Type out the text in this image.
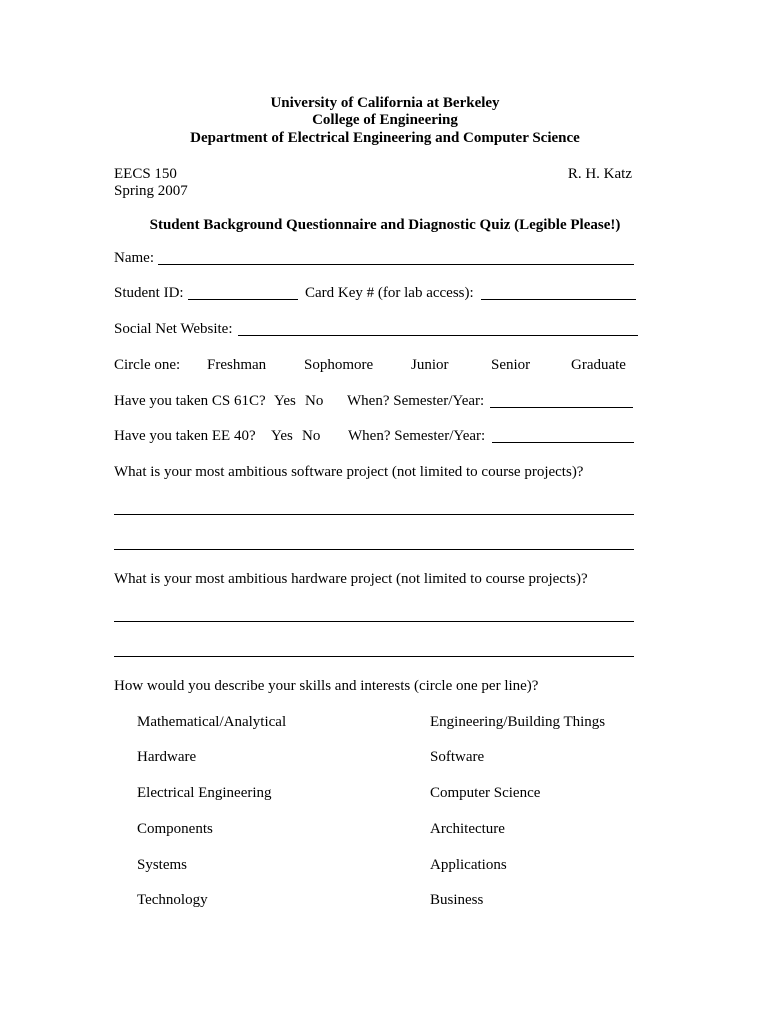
University of California at Berkeley
College of Engineering
Department of Electrical Engineering and Computer Science
EECS 150
Spring 2007
R. H. Katz
Student Background Questionnaire and Diagnostic Quiz (Legible Please!)
Name:
Student ID:	Card Key # (for lab access):
Social Net Website:
Circle one: Freshman	Sophomore	Junior	Senior	Graduate
Have you taken CS 61C? Yes No When? Semester/Year:
Have you taken EE 40? Yes No When? Semester/Year:
What is your most ambitious software project (not limited to course projects)?
What is your most ambitious hardware project (not limited to course projects)?
How would you describe your skills and interests (circle one per line)?
Mathematical/Analytical	Engineering/Building Things
Hardware	Software
Electrical Engineering	Computer Science
Components	Architecture
Systems	Applications
Technology	Business
